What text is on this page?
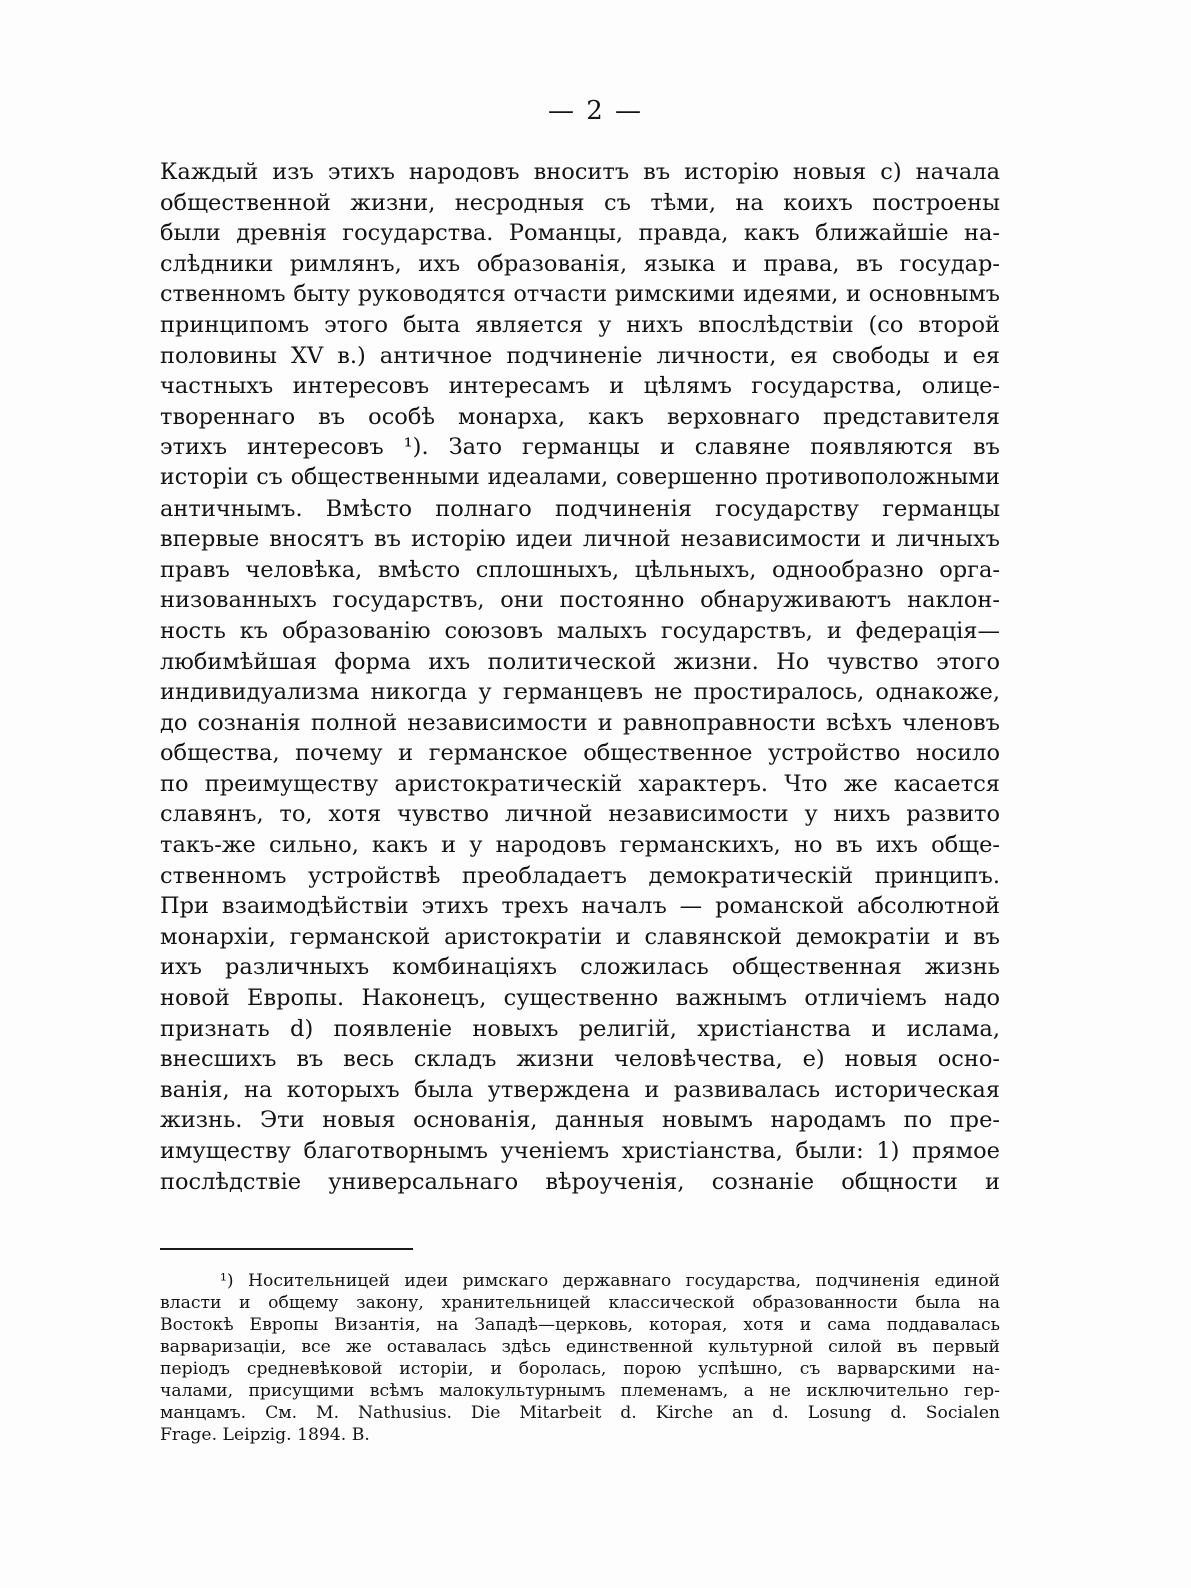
— 2 —
Каждый изъ этихъ народовъ вноситъ въ исторію новыя c) начала
общественной жизни, несродныя съ тѣми, на коихъ построены
были древнія государства. Романцы, правда, какъ ближайшіе на-
слѣдники римлянъ, ихъ образованія, языка и права, въ государ-
ственномъ быту руководятся отчасти римскими идеями, и основнымъ
принципомъ этого быта является у нихъ впослѣдствіи (со второй
половины XV в.) античное подчиненіе личности, ея свободы и ея
частныхъ интересовъ интересамъ и цѣлямъ государства, олице-
твореннаго въ особѣ монарха, какъ верховнаго представителя
этихъ интересовъ ¹). Зато германцы и славяне появляются въ
исторіи съ общественными идеалами, совершенно противоположными
античнымъ. Вмѣсто полнаго подчиненія государству германцы
впервые вносятъ въ исторію идеи личной независимости и личныхъ
правъ человѣка, вмѣсто сплошныхъ, цѣльныхъ, однообразно орга-
низованныхъ государствъ, они постоянно обнаруживаютъ наклон-
ность къ образованію союзовъ малыхъ государствъ, и федерація—
любимѣйшая форма ихъ политической жизни. Но чувство этого
индивидуализма никогда у германцевъ не простиралось, однакоже,
до сознанія полной независимости и равноправности всѣхъ членовъ
общества, почему и германское общественное устройство носило
по преимуществу аристократическій характеръ. Что же касается
славянъ, то, хотя чувство личной независимости у нихъ развито
такъ-же сильно, какъ и у народовъ германскихъ, но въ ихъ обще-
ственномъ устройствѣ преобладаетъ демократическій принципъ.
При взаимодѣйствіи этихъ трехъ началъ — романской абсолютной
монархіи, германской аристократіи и славянской демократіи и въ
ихъ различныхъ комбинаціяхъ сложилась общественная жизнь
новой Европы. Наконецъ, существенно важнымъ отличіемъ надо
признать d) появленіе новыхъ религій, христіанства и ислама,
внесшихъ въ весь складъ жизни человѣчества, e) новыя осно-
ванія, на которыхъ была утверждена и развивалась историческая
жизнь. Эти новыя основанія, данныя новымъ народамъ по пре-
имуществу благотворнымъ ученіемъ христіанства, были: 1) прямое
послѣдствіе универсальнаго вѣроученія, сознаніе общности и
¹) Носительницей идеи римскаго державнаго государства, подчиненія единой
власти и общему закону, хранительницей классической образованности была на
Востокѣ Европы Византія, на Западѣ—церковь, которая, хотя и сама поддавалась
варваризаціи, все же оставалась здѣсь единственной культурной силой въ первый
періодъ средневѣковой исторіи, и боролась, порою успѣшно, съ варварскими на-
чалами, присущими всѣмъ малокультурнымъ племенамъ, а не исключительно гер-
манцамъ. См. M. Nathusius. Die Mitarbeit d. Kirche an d. Losung d. Socialen
Frage. Leipzig. 1894. B.
